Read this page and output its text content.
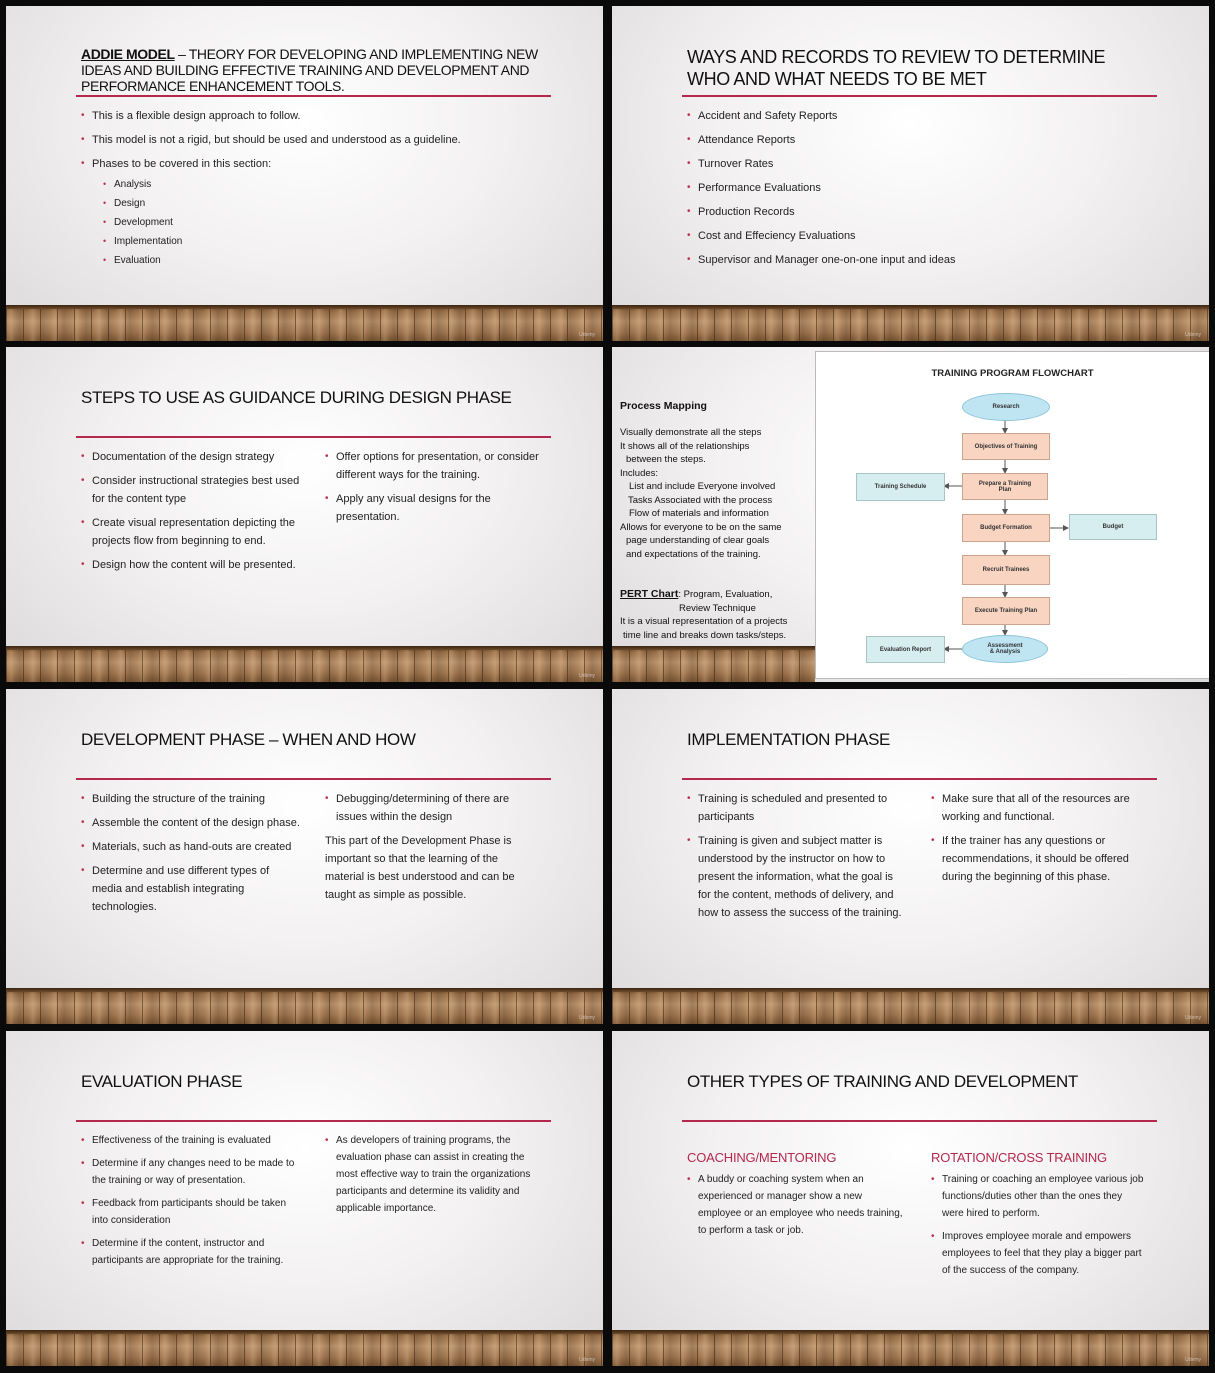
ADDIE MODEL – THEORY FOR DEVELOPING AND IMPLEMENTING NEW IDEAS AND BUILDING EFFECTIVE TRAINING AND DEVELOPMENT AND PERFORMANCE ENHANCEMENT TOOLS.
• This is a flexible design approach to follow.
• This model is not a rigid, but should be used and understood as a guideline.
• Phases to be covered in this section:
• Analysis
• Design
• Development
• Implementation
• Evaluation
Udemy
WAYS AND RECORDS TO REVIEW TO DETERMINE WHO AND WHAT NEEDS TO BE MET
• Accident and Safety Reports
• Attendance Reports
• Turnover Rates
• Performance Evaluations
• Production Records
• Cost and Effeciency Evaluations
• Supervisor and Manager one-on-one input and ideas
Udemy
STEPS TO USE AS GUIDANCE DURING DESIGN PHASE
• Documentation of the design strategy
• Consider instructional strategies best used for the content type
• Create visual representation depicting the projects flow from beginning to end.
• Design how the content will be presented.
• Offer options for presentation, or consider different ways for the training.
• Apply any visual designs for the presentation.
Udemy
Process Mapping
Visually demonstrate all the steps
It shows all of the relationships
between the steps.
Includes:
List and include Everyone involved
Tasks Associated with the process
Flow of materials and information
Allows for everyone to be on the same
page understanding of clear goals
and expectations of the training.
PERT Chart: Program, Evaluation,
Review Technique
It is a visual representation of a projects
time line and breaks down tasks/steps.
TRAINING PROGRAM FLOWCHART
Research
Objectives of Training
Prepare a Training Plan
Training Schedule
Budget Formation	Budget
Recruit Trainees
Execute Training Plan
Assessment & Analysis
Evaluation Report
DEVELOPMENT PHASE – WHEN AND HOW
• Building the structure of the training
• Assemble the content of the design phase.
• Materials, such as hand-outs are created
• Determine and use different types of media and establish integrating technologies.
• Debugging/determining of there are issues within the design
This part of the Development Phase is important so that the learning of the material is best understood and can be taught as simple as possible.
Udemy
IMPLEMENTATION PHASE
• Training is scheduled and presented to participants
• Training is given and subject matter is understood by the instructor on how to present the information, what the goal is for the content, methods of delivery, and how to assess the success of the training.
• Make sure that all of the resources are working and functional.
• If the trainer has any questions or recommendations, it should be offered during the beginning of this phase.
Udemy
EVALUATION PHASE
• Effectiveness of the training is evaluated
• Determine if any changes need to be made to the training or way of presentation.
• Feedback from participants should be taken into consideration
• Determine if the content, instructor and participants are appropriate for the training.
• As developers of training programs, the evaluation phase can assist in creating the most effective way to train the organizations participants and determine its validity and applicable importance.
Udemy
OTHER TYPES OF TRAINING AND DEVELOPMENT
COACHING/MENTORING
• A buddy or coaching system when an experienced or manager show a new employee or an employee who needs training, to perform a task or job.
ROTATION/CROSS TRAINING
• Training or coaching an employee various job functions/duties other than the ones they were hired to perform.
• Improves employee morale and empowers employees to feel that they play a bigger part of the success of the company.
Udemy
